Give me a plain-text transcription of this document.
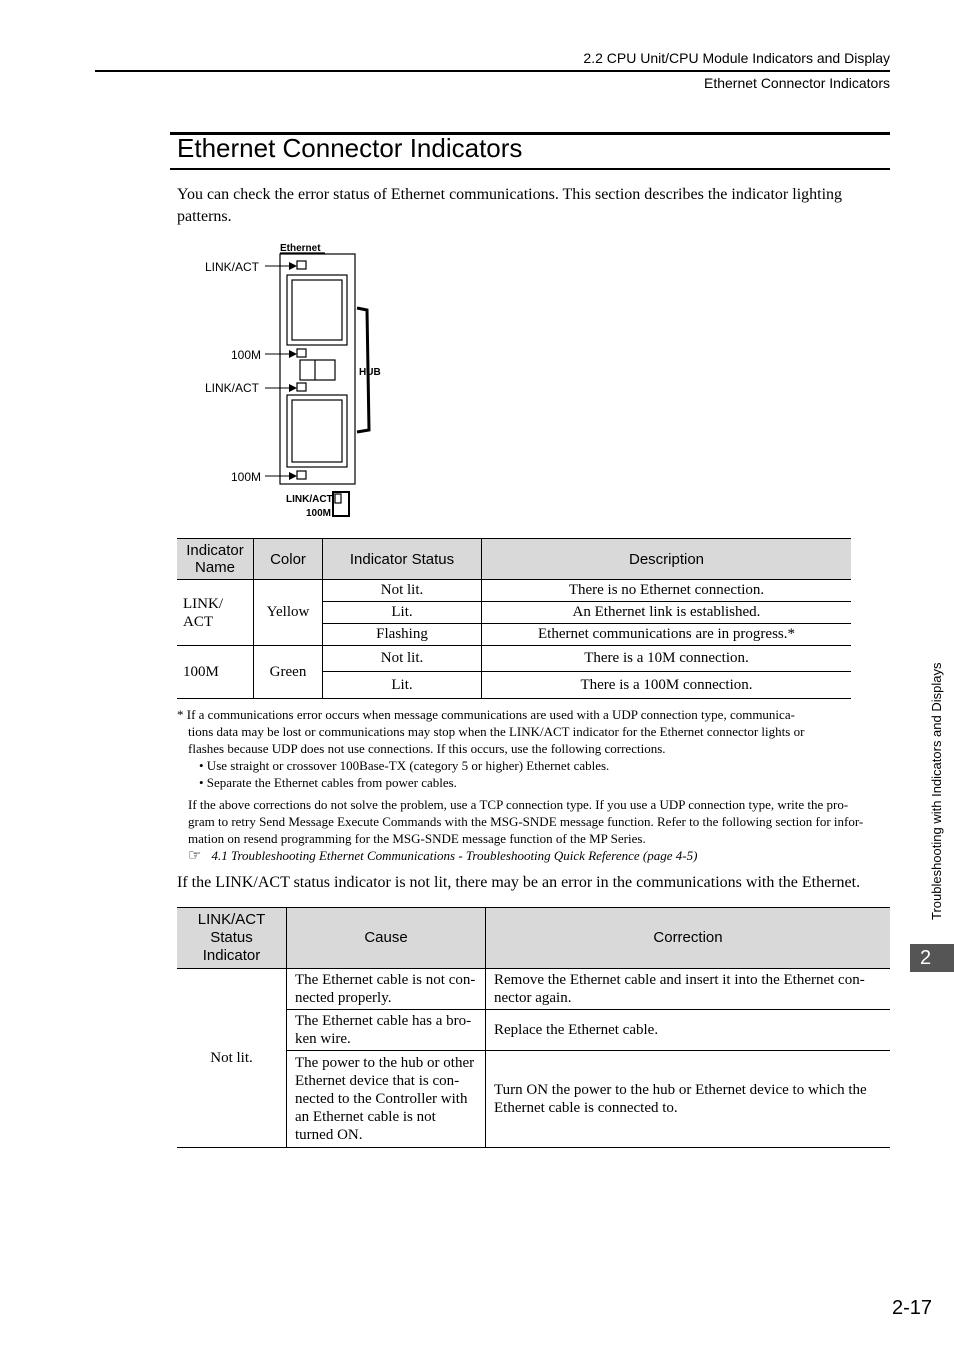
2.2 CPU Unit/CPU Module Indicators and Display
Ethernet Connector Indicators
Ethernet Connector Indicators
You can check the error status of Ethernet communications. This section describes the indicator lighting patterns.
Ethernet
LINK/ACT
100M
LINK/ACT
100M
HUB
LINK/ACT
100M
Indicator Name	Color	Indicator Status	Description
LINK/ ACT	Yellow	Not lit.	There is no Ethernet connection.
		Lit.	An Ethernet link is established.
		Flashing	Ethernet communications are in progress.*
100M	Green	Not lit.	There is a 10M connection.
		Lit.	There is a 100M connection.

* If a communications error occurs when message communications are used with a UDP connection type, communica-

tions data may be lost or communications may stop when the LINK/ACT indicator for the Ethernet connector lights or

flashes because UDP does not use connections. If this occurs, use the following corrections.

• Use straight or crossover 100Base-TX (category 5 or higher) Ethernet cables.

• Separate the Ethernet cables from power cables.

If the above corrections do not solve the problem, use a TCP connection type. If you use a UDP connection type, write the pro-

gram to retry Send Message Execute Commands with the MSG-SNDE message function. Refer to the following section for infor-

mation on resend programming for the MSG-SNDE message function of the MP Series.

☞ 4.1 Troubleshooting Ethernet Communications - Troubleshooting Quick Reference (page 4-5)

If the LINK/ACT status indicator is not lit, there may be an error in the communications with the Ethernet.
LINK/ACT Status Indicator	Cause	Correction
Not lit.	The Ethernet cable is not con- nected properly.	Remove the Ethernet cable and insert it into the Ethernet con- nector again.
	The Ethernet cable has a bro- ken wire.	Replace the Ethernet cable.
	The power to the hub or other Ethernet device that is con- nected to the Controller with an Ethernet cable is not turned ON.	Turn ON the power to the hub or Ethernet device to which the Ethernet cable is connected to.
Troubleshooting with Indicators and Displays
2
2-17
